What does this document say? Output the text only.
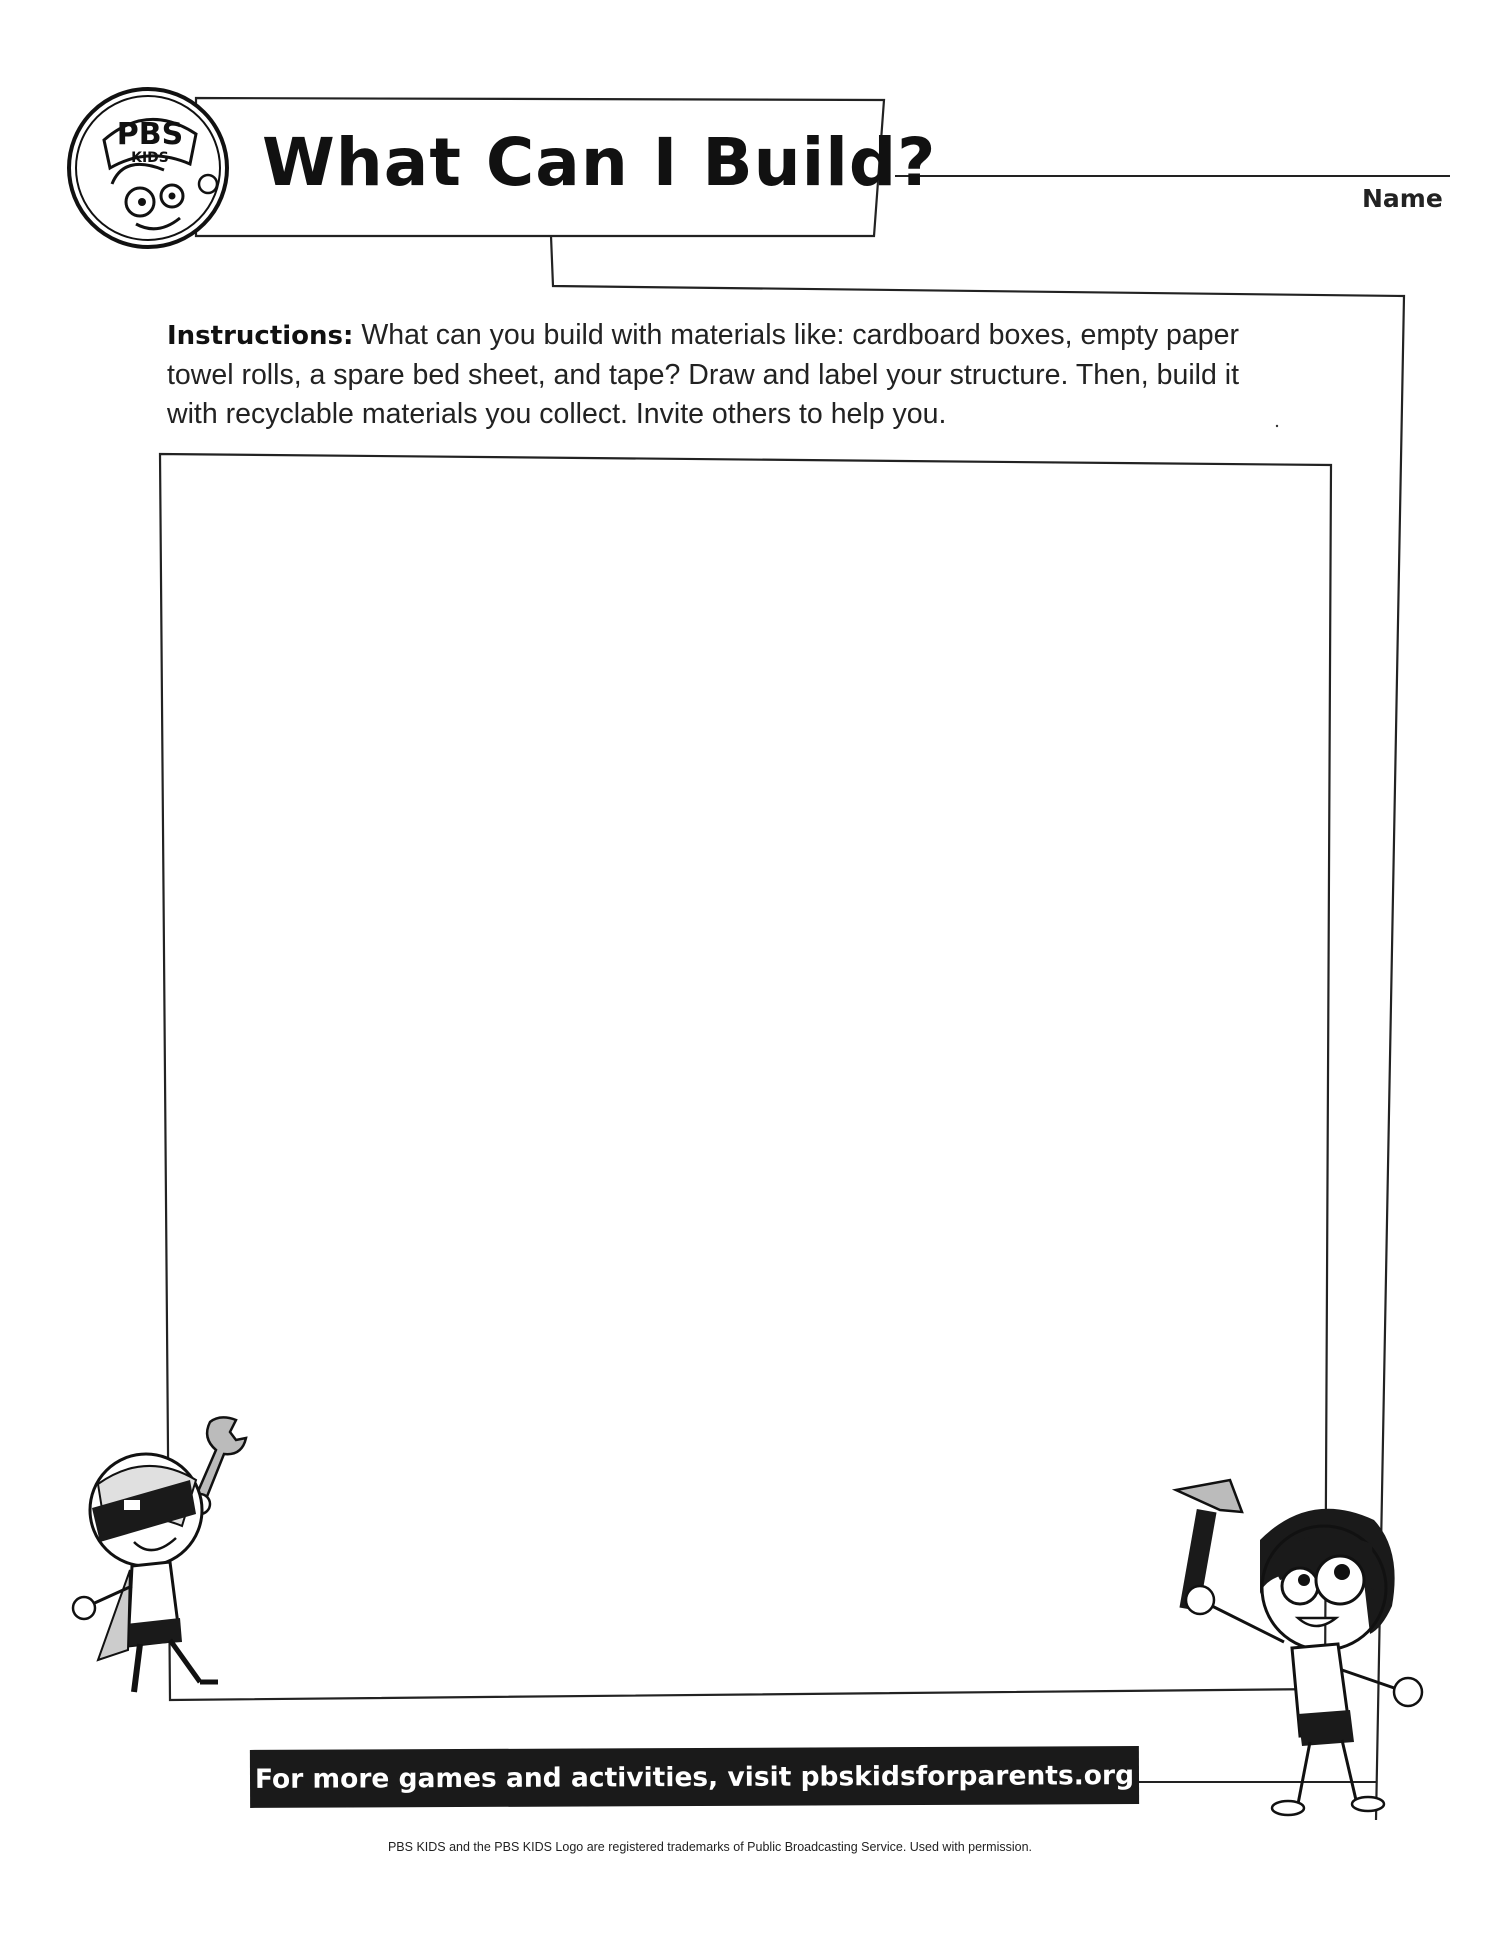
PBS
KIDS What Can I Build?	Name
Instructions: What can you build with materials like: cardboard boxes, empty paper towel rolls, a spare bed sheet, and tape? Draw and label your structure. Then, build it with recyclable materials you collect. Invite others to help you.
For more games and activities, visit pbskidsforparents.org
PBS KIDS and the PBS KIDS Logo are registered trademarks of Public Broadcasting Service. Used with permission.
